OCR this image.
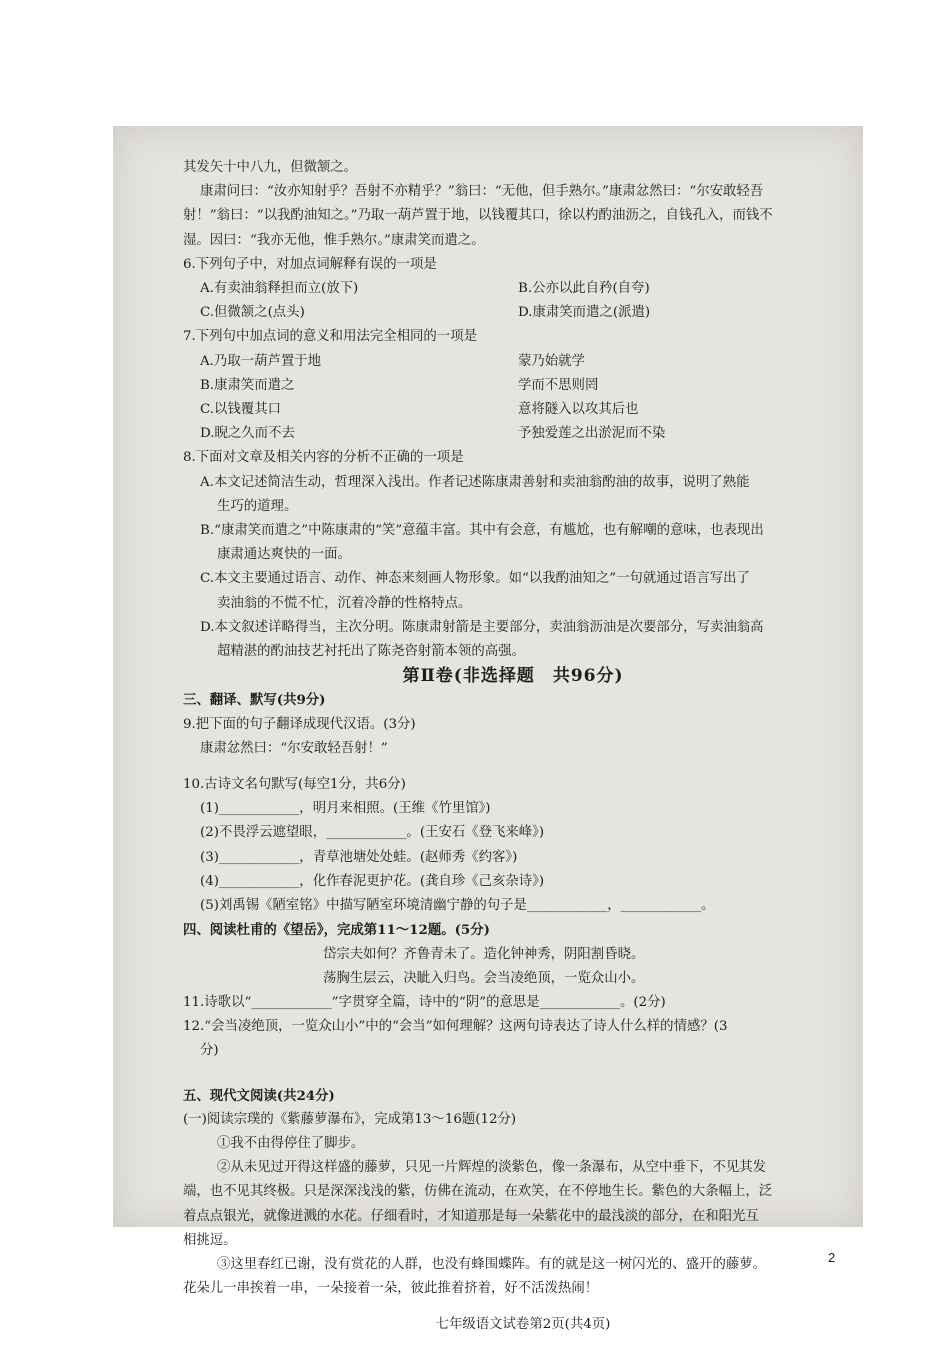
其发矢十中八九，但微颔之。
康肃问曰：“汝亦知射乎？吾射不亦精乎？”翁曰：“无他，但手熟尔。”康肃忿然曰：“尔安敢轻吾
射！”翁曰：“以我酌油知之。”乃取一葫芦置于地，以钱覆其口，徐以杓酌油沥之，自钱孔入，而钱不
湿。因曰：“我亦无他，惟手熟尔。”康肃笑而遣之。
6.下列句子中，对加点词解释有误的一项是
A.有卖油翁释担而立(放下)	B.公亦以此自矜(自夸)
C.但微颔之(点头)	D.康肃笑而遣之(派遣)
7.下列句中加点词的意义和用法完全相同的一项是
A.乃取一葫芦置于地	蒙乃始就学
B.康肃笑而遣之	学而不思则罔
C.以钱覆其口	意将隧入以攻其后也
D.睨之久而不去	予独爱莲之出淤泥而不染
8.下面对文章及相关内容的分析不正确的一项是
A.本文记述简洁生动，哲理深入浅出。作者记述陈康肃善射和卖油翁酌油的故事，说明了熟能
生巧的道理。
B.“康肃笑而遣之”中陈康肃的“笑”意蕴丰富。其中有会意，有尴尬，也有解嘲的意味，也表现出
康肃通达爽快的一面。
C.本文主要通过语言、动作、神态来刻画人物形象。如“以我酌油知之”一句就通过语言写出了
卖油翁的不慌不忙，沉着冷静的性格特点。
D.本文叙述详略得当，主次分明。陈康肃射箭是主要部分，卖油翁沥油是次要部分，写卖油翁高
超精湛的酌油技艺衬托出了陈尧咨射箭本领的高强。
第Ⅱ卷(非选择题　共96分)
三、翻译、默写(共9分)
9.把下面的句子翻译成现代汉语。(3分)
康肃忿然曰：“尔安敢轻吾射！”
10.古诗文名句默写(每空1分，共6分)
(1)____________，明月来相照。(王维《竹里馆》)
(2)不畏浮云遮望眼，____________。(王安石《登飞来峰》)
(3)____________，青草池塘处处蛙。(赵师秀《约客》)
(4)____________，化作春泥更护花。(龚自珍《己亥杂诗》)
(5)刘禹锡《陋室铭》中描写陋室环境清幽宁静的句子是____________，____________。
四、阅读杜甫的《望岳》，完成第11～12题。(5分)
岱宗夫如何？齐鲁青未了。造化钟神秀，阴阳割昏晓。
荡胸生层云，决眦入归鸟。会当凌绝顶，一览众山小。
11.诗歌以“____________”字贯穿全篇，诗中的“阴”的意思是____________。(2分)
12.“会当凌绝顶，一览众山小”中的“会当”如何理解？这两句诗表达了诗人什么样的情感？(3
分)
五、现代文阅读(共24分)
(一)阅读宗璞的《紫藤萝瀑布》，完成第13～16题(12分)
①我不由得停住了脚步。
②从未见过开得这样盛的藤萝，只见一片辉煌的淡紫色，像一条瀑布，从空中垂下，不见其发
端，也不见其终极。只是深深浅浅的紫，仿佛在流动，在欢笑，在不停地生长。紫色的大条幅上，泛
着点点银光，就像迸溅的水花。仔细看时，才知道那是每一朵紫花中的最浅淡的部分，在和阳光互
相挑逗。
③这里春红已谢，没有赏花的人群，也没有蜂围蝶阵。有的就是这一树闪光的、盛开的藤萝。
花朵儿一串挨着一串，一朵接着一朵，彼此推着挤着，好不活泼热闹！
七年级语文试卷第2页(共4页)
2
